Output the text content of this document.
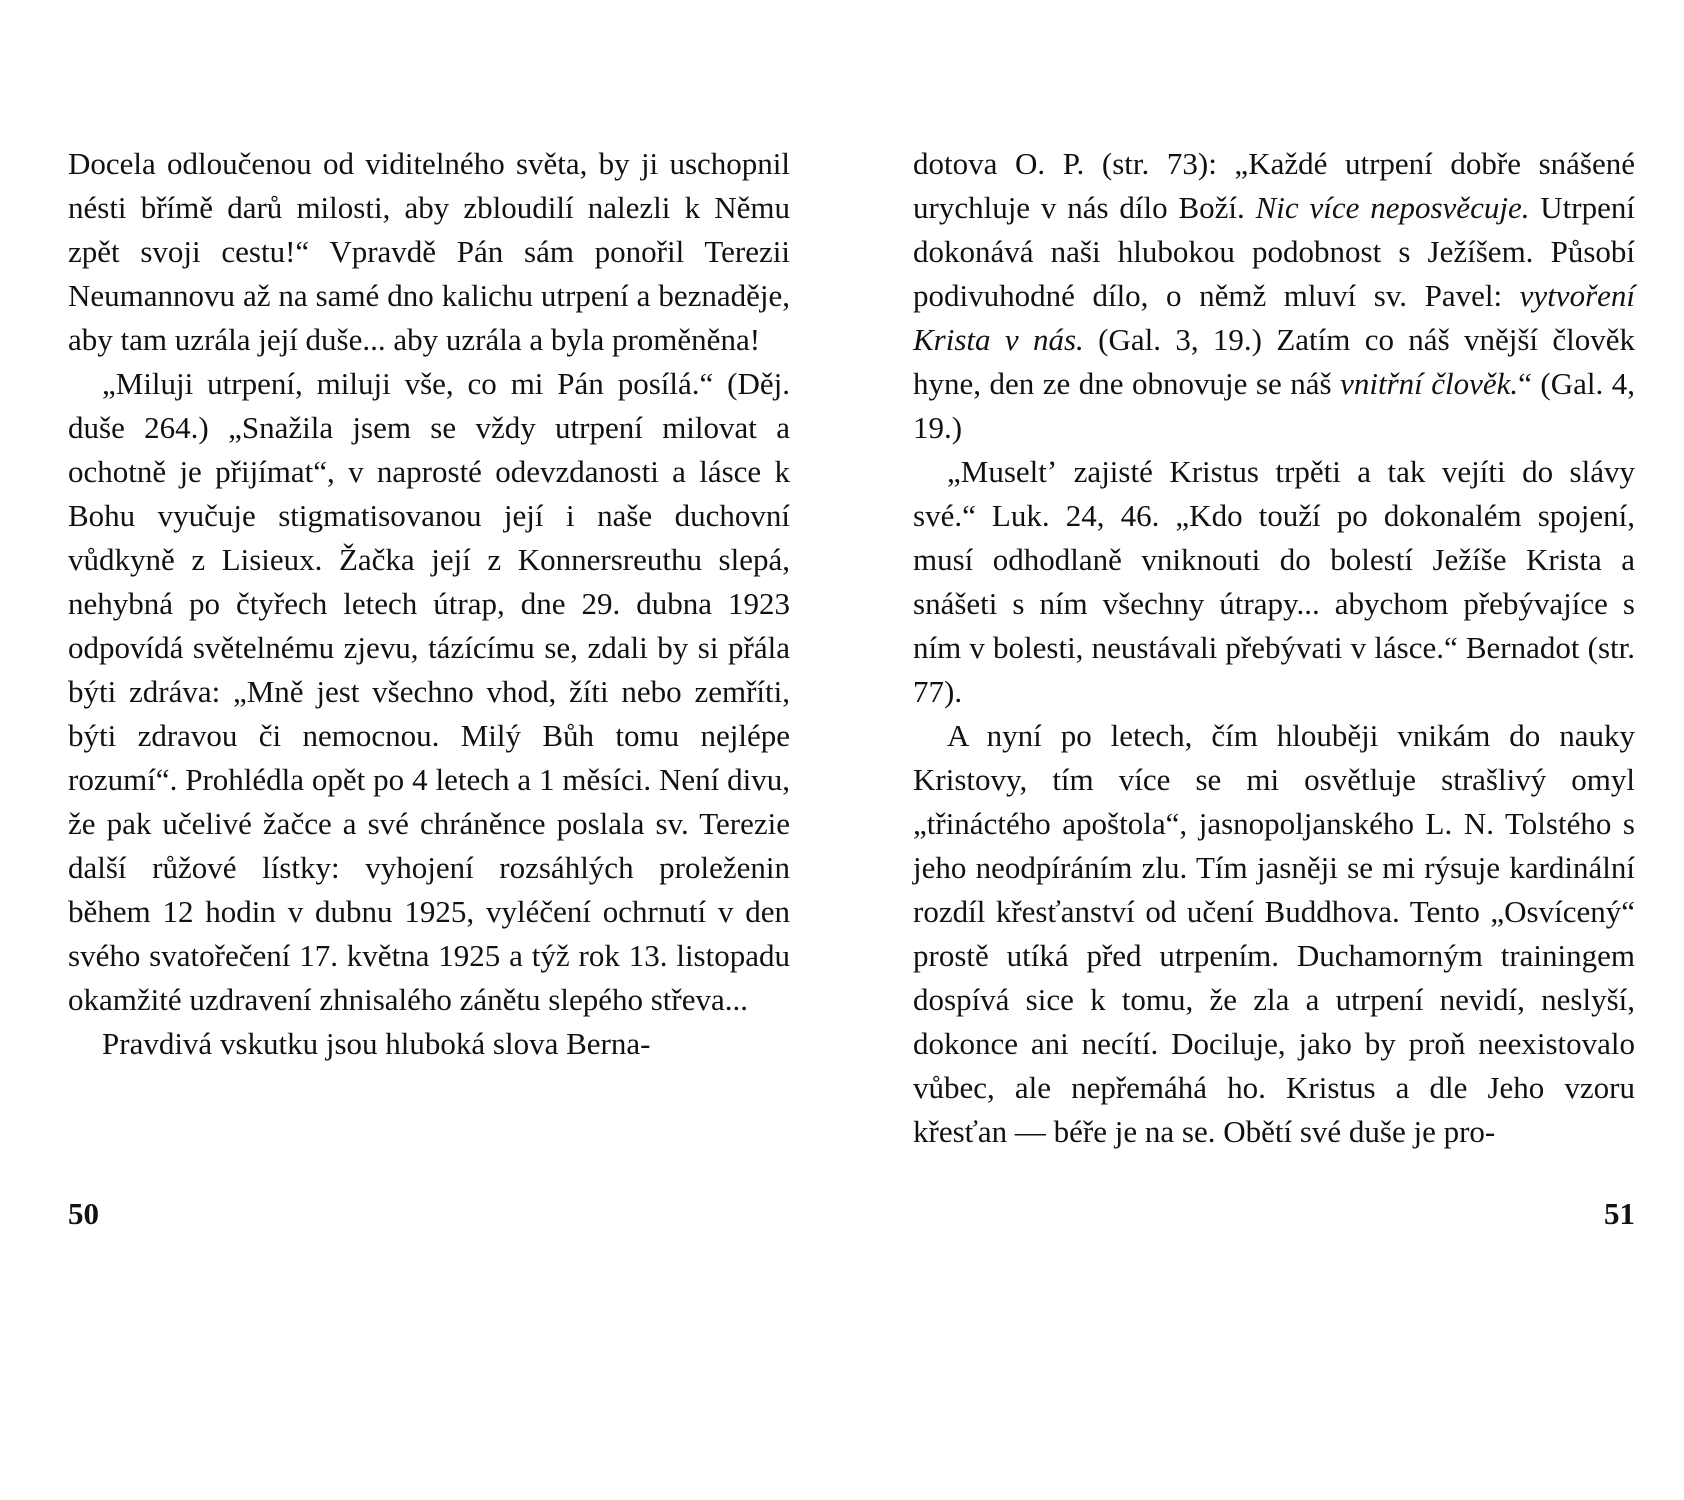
Docela odloučenou od viditelného světa, by ji uschopnil nésti břímě darů milosti, aby zbloudilí nalezli k Němu zpět svoji cestu!“ Vpravdě Pán sám ponořil Terezii Neumannovu až na samé dno kalichu utrpení a beznaděje, aby tam uzrála její duše... aby uzrála a byla proměněna!

„Miluji utrpení, miluji vše, co mi Pán posílá.“ (Děj. duše 264.) „Snažila jsem se vždy utrpení milovat a ochotně je přijímat“, v naprosté odevzdanosti a lásce k Bohu vyučuje stigmatisovanou její i naše duchovní vůdkyně z Lisieux. Žačka její z Konnersreuthu slepá, nehybná po čtyřech letech útrap, dne 29. dubna 1923 odpovídá světelnému zjevu, tázícímu se, zdali by si přála býti zdráva: „Mně jest všechno vhod, žíti nebo zemříti, býti zdravou či nemocnou. Milý Bůh tomu nejlépe rozumí“. Prohlédla opět po 4 letech a 1 měsíci. Není divu, že pak učelivé žačce a své chráněnce poslala sv. Terezie další růžové lístky: vyhojení rozsáhlých proleženin během 12 hodin v dubnu 1925, vyléčení ochrnutí v den svého svatořečení 17. května 1925 a týž rok 13. listopadu okamžité uzdravení zhnisalého zánětu slepého střeva...

Pravdivá vskutku jsou hluboká slova Berna-

50

dotova O. P. (str. 73): „Každé utrpení dobře snášené urychluje v nás dílo Boží. Nic více neposvěcuje. Utrpení dokonává naši hlubokou podobnost s Ježíšem. Působí podivuhodné dílo, o němž mluví sv. Pavel: vytvoření Krista v nás. (Gal. 3, 19.) Zatím co náš vnější člověk hyne, den ze dne obnovuje se náš vnitřní člověk.“ (Gal. 4, 19.)

„Museltʼ zajisté Kristus trpěti a tak vejíti do slávy své.“ Luk. 24, 46. „Kdo touží po dokonalém spojení, musí odhodlaně vniknouti do bolestí Ježíše Krista a snášeti s ním všechny útrapy... abychom přebývajíce s ním v bolesti, neustávali přebývati v lásce.“ Bernadot (str. 77).

A nyní po letech, čím hlouběji vnikám do nauky Kristovy, tím více se mi osvětluje strašlivý omyl „třináctého apoštola“, jasnopoljanského L. N. Tolstého s jeho neodpíráním zlu. Tím jasněji se mi rýsuje kardinální rozdíl křesťanství od učení Buddhova. Tento „Osvícený“ prostě utíká před utrpením. Duchamorným trainingem dospívá sice k tomu, že zla a utrpení nevidí, neslyší, dokonce ani necítí. Dociluje, jako by proň neexistovalo vůbec, ale nepřemáhá ho. Kristus a dle Jeho vzoru křesťan — béře je na se. Obětí své duše je pro-

51
